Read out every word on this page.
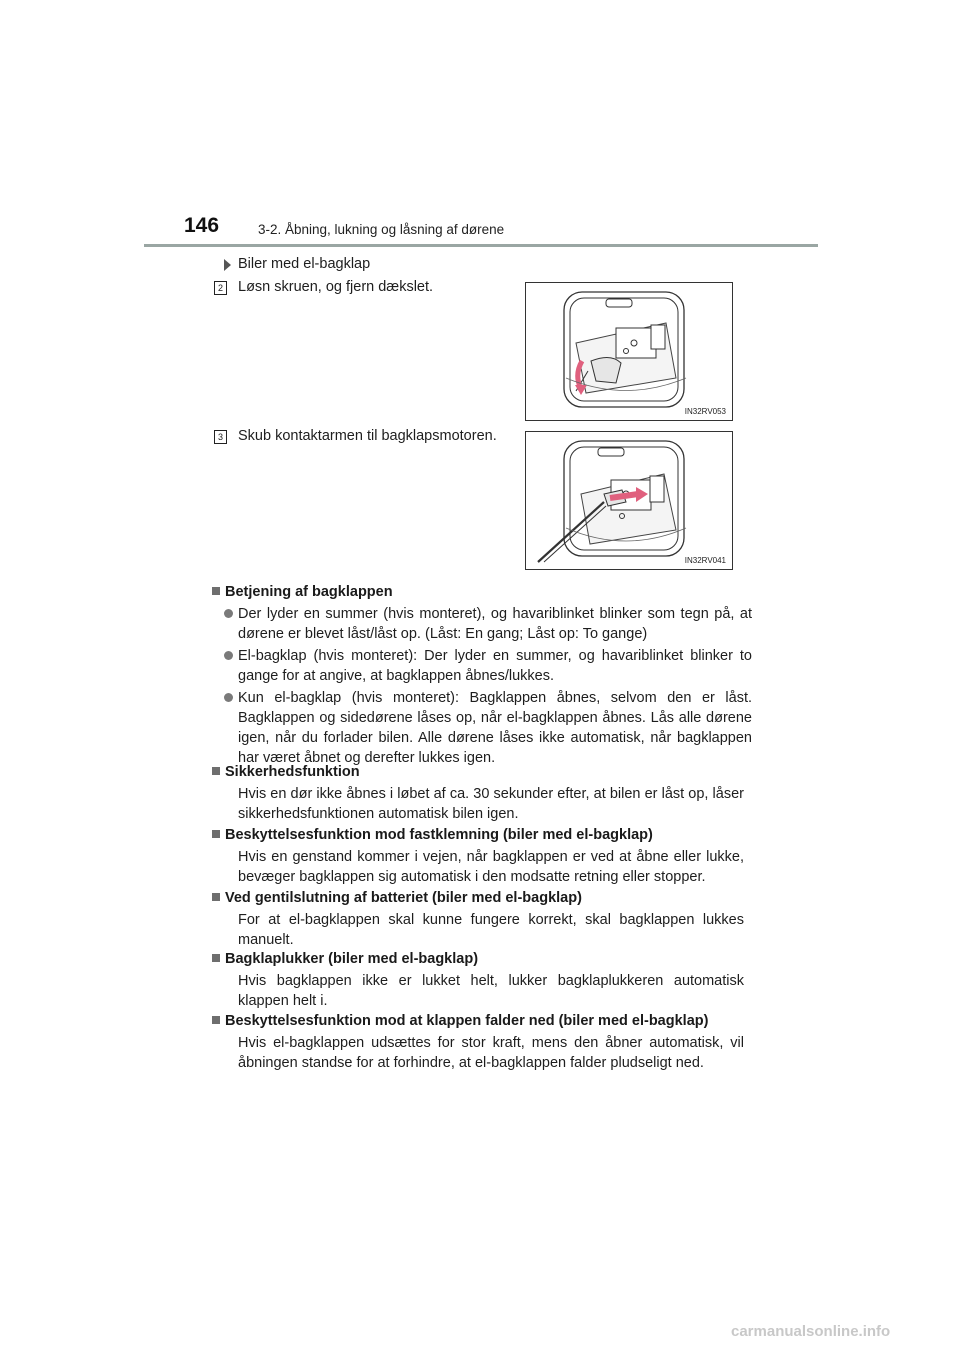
146	3-2. Åbning, lukning og låsning af dørene
Biler med el-bagklap
2 Løsn skruen, og fjern dækslet.
IN32RV053
3 Skub kontaktarmen til bagklapsmotoren.
IN32RV041
Betjening af bagklappen
Der lyder en summer (hvis monteret), og havariblinket blinker som tegn på, at dørene er blevet låst/låst op. (Låst: En gang; Låst op: To gange)
El-bagklap (hvis monteret): Der lyder en summer, og havariblinket blinker to gange for at angive, at bagklappen åbnes/lukkes.
Kun el-bagklap (hvis monteret): Bagklappen åbnes, selvom den er låst. Bagklappen og sidedørene låses op, når el-bagklappen åbnes. Lås alle dørene igen, når du forlader bilen. Alle dørene låses ikke automatisk, når bagklappen har været åbnet og derefter lukkes igen.
Sikkerhedsfunktion
Hvis en dør ikke åbnes i løbet af ca. 30 sekunder efter, at bilen er låst op, låser sikkerhedsfunktionen automatisk bilen igen.
Beskyttelsesfunktion mod fastklemning (biler med el-bagklap)
Hvis en genstand kommer i vejen, når bagklappen er ved at åbne eller lukke, bevæger bagklappen sig automatisk i den modsatte retning eller stopper.
Ved gentilslutning af batteriet (biler med el-bagklap)
For at el-bagklappen skal kunne fungere korrekt, skal bagklappen lukkes manuelt.
Bagklaplukker (biler med el-bagklap)
Hvis bagklappen ikke er lukket helt, lukker bagklaplukkeren automatisk klappen helt i.
Beskyttelsesfunktion mod at klappen falder ned (biler med el-bagklap)
Hvis el-bagklappen udsættes for stor kraft, mens den åbner automatisk, vil åbningen standse for at forhindre, at el-bagklappen falder pludseligt ned.
carmanualsonline.info
